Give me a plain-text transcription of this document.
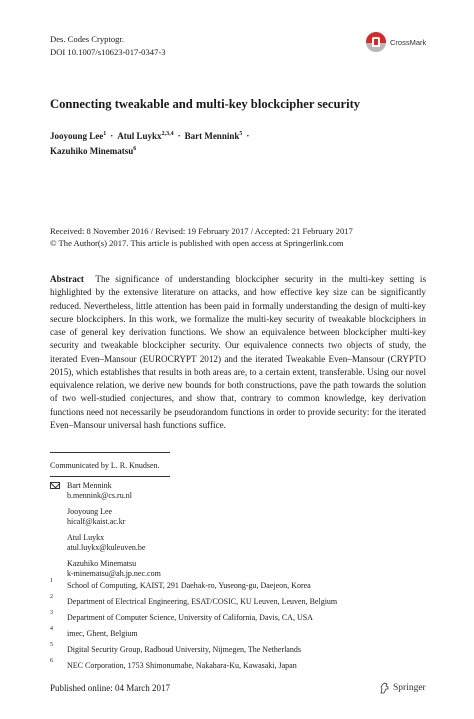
Des. Codes Cryptogr.
DOI 10.1007/s10623-017-0347-3
CrossMark
Connecting tweakable and multi-key blockcipher security
Jooyoung Lee$^1$ · Atul Luykx$^{2,3,4}$ · Bart Mennink$^5$ ·
Kazuhiko Minematsu$^6$
Received: 8 November 2016 / Revised: 19 February 2017 / Accepted: 21 February 2017
© The Author(s) 2017. This article is published with open access at Springerlink.com
Abstract The significance of understanding blockcipher security in the multi-key setting is highlighted by the extensive literature on attacks, and how effective key size can be significantly reduced. Nevertheless, little attention has been paid in formally understanding the design of multi-key secure blockciphers. In this work, we formalize the multi-key security of tweakable blockciphers in case of general key derivation functions. We show an equivalence between blockcipher multi-key security and tweakable blockcipher security. Our equivalence connects two objects of study, the iterated Even–Mansour (EUROCRYPT 2012) and the iterated Tweakable Even–Mansour (CRYPTO 2015), which establishes that results in both areas are, to a certain extent, transferable. Using our novel equivalence relation, we derive new bounds for both constructions, pave the path towards the solution of two well-studied conjectures, and show that, contrary to common knowledge, key derivation functions need not necessarily be pseudorandom functions in order to provide security: for the iterated Even–Mansour universal hash functions suffice.
Communicated by L. R. Knudsen.
Bart Mennink
b.mennink@cs.ru.nl
Jooyoung Lee
hicalf@kaist.ac.kr
Atul Luykx
atul.luykx@kuleuven.be
Kazuhiko Minematsu
k-minematsu@ah.jp.nec.com
1 School of Computing, KAIST, 291 Daehak-ro, Yuseong-gu, Daejeon, Korea
2 Department of Electrical Engineering, ESAT/COSIC, KU Leuven, Leuven, Belgium
3 Department of Computer Science, University of California, Davis, CA, USA
4 imec, Ghent, Belgium
5 Digital Security Group, Radboud University, Nijmegen, The Netherlands
6 NEC Corporation, 1753 Shimonumabe, Nakahara-Ku, Kawasaki, Japan
Published online: 04 March 2017	Springer
